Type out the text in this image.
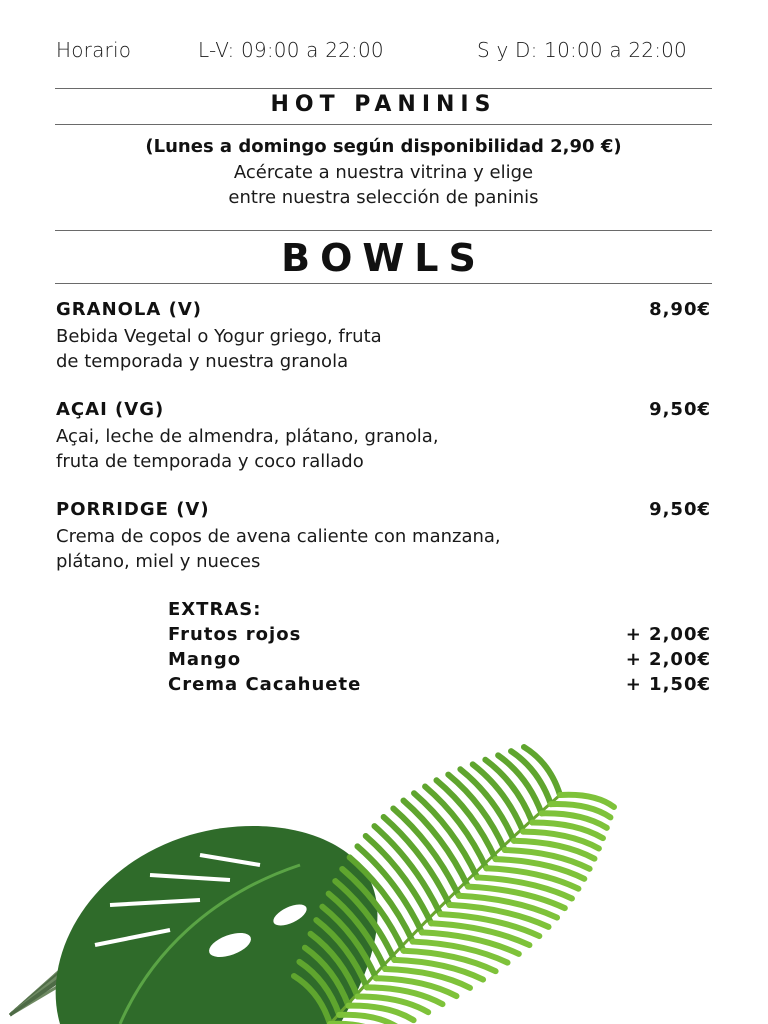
Horario	L-V: 09:00 a 22:00	S y D: 10:00 a 22:00
HOT PANINIS
(Lunes a domingo según disponibilidad 2,90 €)
Acércate a nuestra vitrina y elige
entre nuestra selección de paninis
BOWLS
GRANOLA (V)	8,90€
Bebida Vegetal o Yogur griego, fruta
de temporada y nuestra granola
AÇAI (VG)	9,50€
Açai, leche de almendra, plátano, granola,
fruta de temporada y coco rallado
PORRIDGE (V)	9,50€
Crema de copos de avena caliente con manzana,
plátano, miel y nueces
EXTRAS:
Frutos rojos	+ 2,00€
Mango	+ 2,00€
Crema Cacahuete	+ 1,50€
